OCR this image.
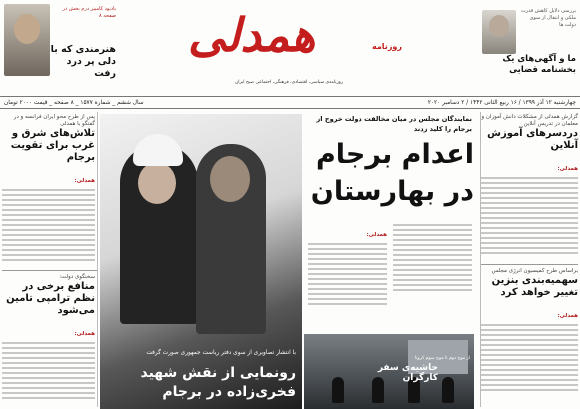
بررسی دلایل کاهش قدرت ملکی و انتقال از سوی دولت ها
ما و آگهی‌های یک بخشنامه قضایی
همدلی	روزنامه
روزنامه‌ی سیاسی، اقتصادی، فرهنگی، اجتماعی صبح ایران
یادبود کامبیز درم بخش در صفحه ۸
هنرمندی که با دلی پر درد رفت
چهارشنبه ۱۲ آذر ۱۳۹۹ / ۱۶ ربیع الثانی ۱۴۴۲ / ۲ دسامبر ۲۰۲۰
سال ششم _ شماره ۱۵۷۷ _ ۸ صفحه _ قیمت ۲۰۰۰ تومان
گزارش همدلی از مشکلات دانش آموزان و معلمان در تدریس آنلاین
دردسرهای آموزش آنلاین
همدلی:
براساس طرح کمیسیون انرژی مجلس
سهمیه‌بندی بنزین تغییر خواهد کرد
همدلی:
با انتشار تصاویری از سوی دفتر ریاست جمهوری صورت گرفت
رونمایی از نقش شهید فخری‌زاده در برجام
نمایندگان مجلس در میان مخالفت دولت خروج از برجام را کلید زدند
اعدام برجام در بهارستان
همدلی:
از موج دوم تا موج سوم کرونا
حاشیه‌ی سفر کارگران
پس از طرح محو ایران فرانسه و در گفتگو با همدلی
تلاش‌های شرق و غرب برای تقویت برجام
همدلی:
سخنگوی دولت:
منافع برخی در نظم ترامپی تامین می‌شود
همدلی:
